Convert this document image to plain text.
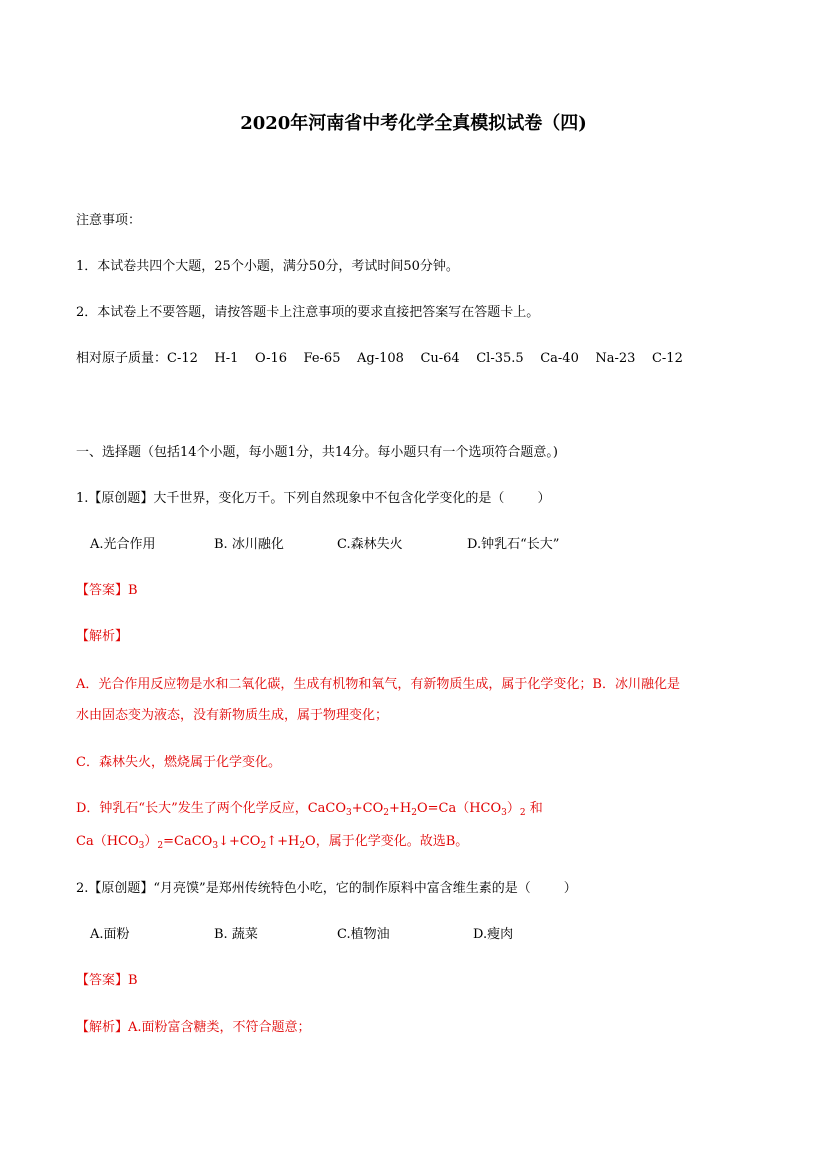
2020年河南省中考化学全真模拟试卷（四)
注意事项：
1．本试卷共四个大题，25个小题，满分50分，考试时间50分钟。
2．本试卷上不要答题，请按答题卡上注意事项的要求直接把答案写在答题卡上。
相对原子质量：C-12    H-1    O-16    Fe-65    Ag-108    Cu-64    Cl-35.5    Ca-40    Na-23    C-12
一、选择题（包括14个小题，每小题1分，共14分。每小题只有一个选项符合题意。)
1.【原创题】大千世界，变化万千。下列自然现象中不包含化学变化的是（        ）
A.光合作用	B. 冰川融化	C.森林失火	D.钟乳石“长大”
【答案】B
【解析】
A．光合作用反应物是水和二氧化碳，生成有机物和氧气，有新物质生成，属于化学变化；B．冰川融化是
水由固态变为液态，没有新物质生成，属于物理变化；
C．森林失火，燃烧属于化学变化。
D．钟乳石“长大”发生了两个化学反应，$CaCO_3+CO_2+H_2O=Ca(HCO_3)_2$ 和
$Ca(HCO_3)_2=CaCO_3↓+CO_2↑+H_2O$，属于化学变化。故选B。
2.【原创题】“月亮馍”是郑州传统特色小吃，它的制作原料中富含维生素的是（        ）
A.面粉	B. 蔬菜	C.植物油	D.瘦肉
【答案】B
【解析】A.面粉富含糖类，不符合题意；
